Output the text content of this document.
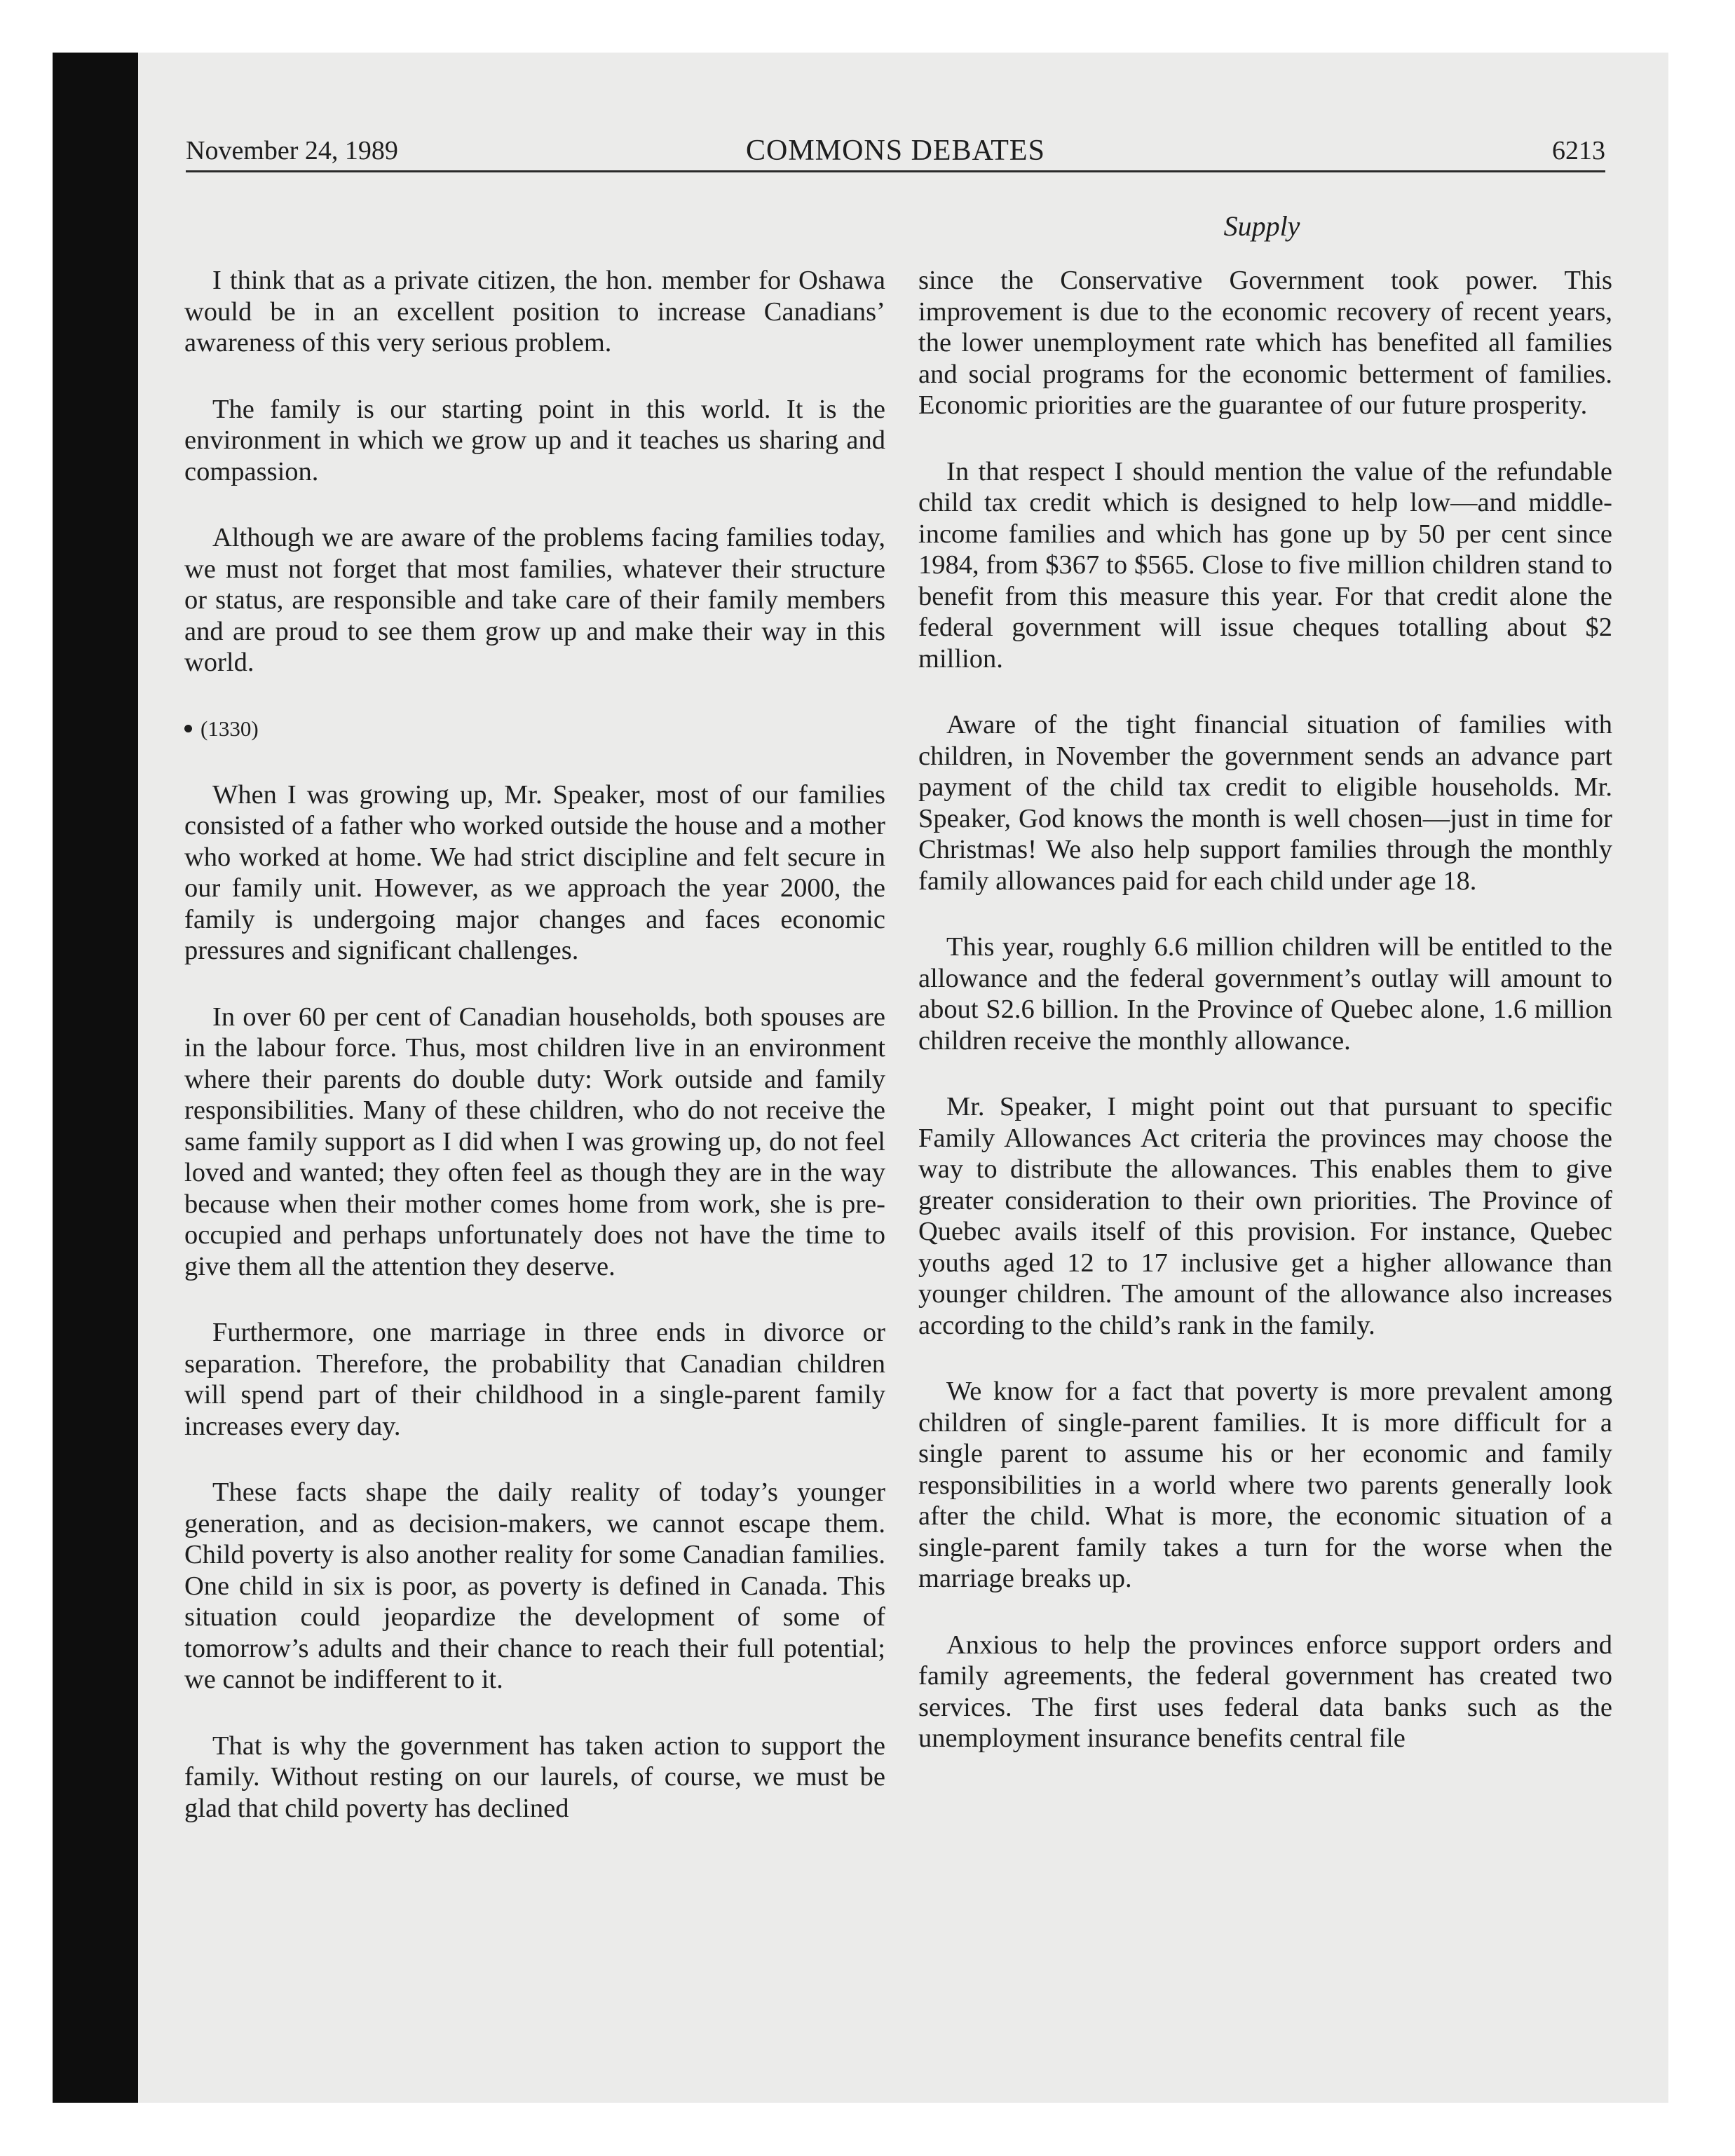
November 24, 1989	COMMONS DEBATES	6213
Supply

I think that as a private citizen, the hon. member for Oshawa would be in an excellent position to increase Canadians’ awareness of this very serious problem.

The family is our starting point in this world. It is the environment in which we grow up and it teaches us sharing and compassion.

Although we are aware of the problems facing families today, we must not forget that most families, whatever their structure or status, are responsible and take care of their family members and are proud to see them grow up and make their way in this world.

(1330)

When I was growing up, Mr. Speaker, most of our families consisted of a father who worked outside the house and a mother who worked at home. We had strict discipline and felt secure in our family unit. However, as we approach the year 2000, the family is undergoing major changes and faces economic pressures and significant challenges.

In over 60 per cent of Canadian households, both spouses are in the labour force. Thus, most children live in an environment where their parents do double duty: Work outside and family responsibilities. Many of these children, who do not receive the same family support as I did when I was growing up, do not feel loved and wanted; they often feel as though they are in the way because when their mother comes home from work, she is pre-occupied and perhaps unfortunately does not have the time to give them all the attention they deserve.

Furthermore, one marriage in three ends in divorce or separation. Therefore, the probability that Canadian children will spend part of their childhood in a single-parent family increases every day.

These facts shape the daily reality of today’s younger generation, and as decision-makers, we cannot escape them. Child poverty is also another reality for some Canadian families. One child in six is poor, as poverty is defined in Canada. This situation could jeopardize the development of some of tomorrow’s adults and their chance to reach their full potential; we cannot be indifferent to it.

That is why the government has taken action to support the family. Without resting on our laurels, of course, we must be glad that child poverty has declined

since the Conservative Government took power. This improvement is due to the economic recovery of recent years, the lower unemployment rate which has benefited all families and social programs for the economic betterment of families. Economic priorities are the guarantee of our future prosperity.

In that respect I should mention the value of the refundable child tax credit which is designed to help low—and middle-income families and which has gone up by 50 per cent since 1984, from $367 to $565. Close to five million children stand to benefit from this measure this year. For that credit alone the federal government will issue cheques totalling about $2 million.

Aware of the tight financial situation of families with children, in November the government sends an advance part payment of the child tax credit to eligible households. Mr. Speaker, God knows the month is well chosen—just in time for Christmas! We also help support families through the monthly family allowances paid for each child under age 18.

This year, roughly 6.6 million children will be entitled to the allowance and the federal government’s outlay will amount to about S2.6 billion. In the Province of Quebec alone, 1.6 million children receive the monthly allowance.

Mr. Speaker, I might point out that pursuant to specific Family Allowances Act criteria the provinces may choose the way to distribute the allowances. This enables them to give greater consideration to their own priorities. The Province of Quebec avails itself of this provision. For instance, Quebec youths aged 12 to 17 inclusive get a higher allowance than younger children. The amount of the allowance also increases according to the child’s rank in the family.

We know for a fact that poverty is more prevalent among children of single-parent families. It is more difficult for a single parent to assume his or her economic and family responsibilities in a world where two parents generally look after the child. What is more, the economic situation of a single-parent family takes a turn for the worse when the marriage breaks up.

Anxious to help the provinces enforce support orders and family agreements, the federal government has created two services. The first uses federal data banks such as the unemployment insurance benefits central file
